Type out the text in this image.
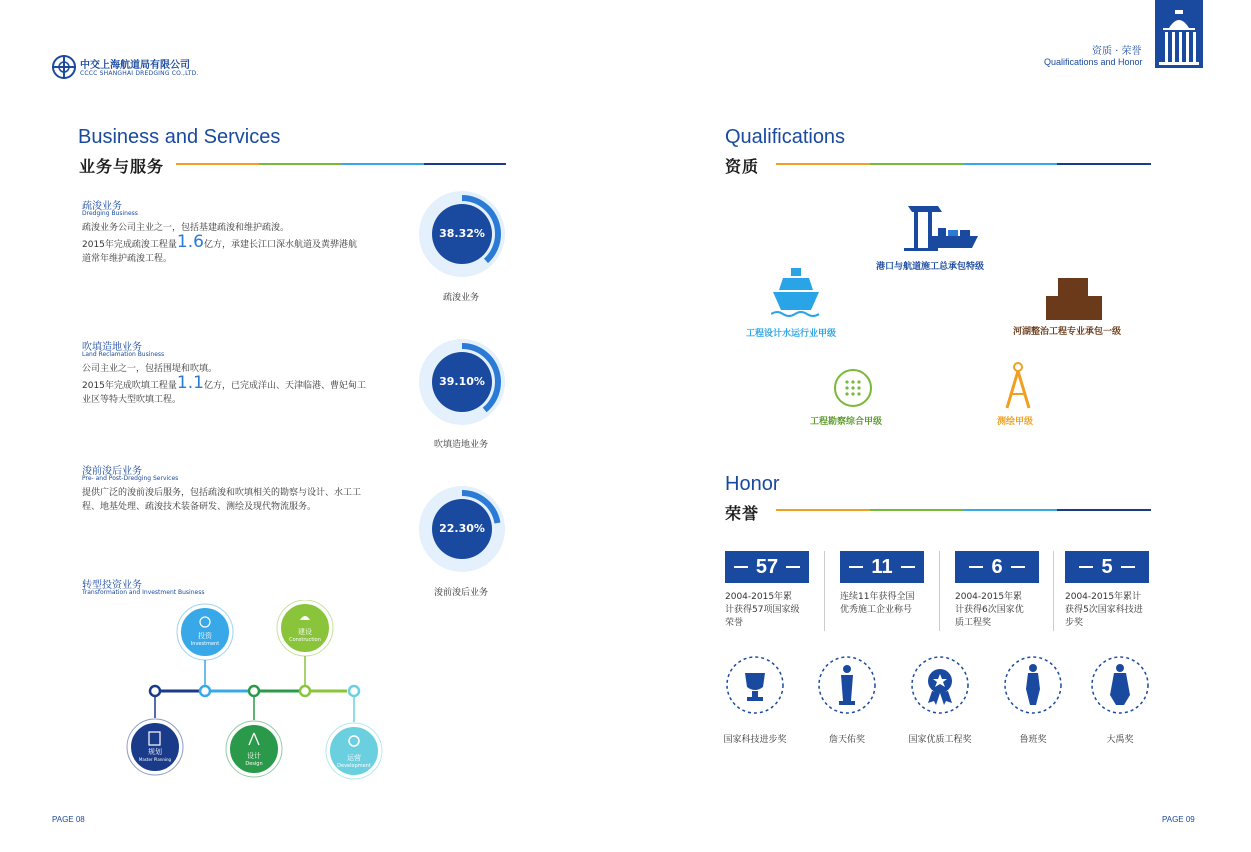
中交上海航道局有限公司
CCCC SHANGHAI DREDGING CO.,LTD.
Business and Services
业务与服务
疏浚业务
Dredging Business
疏浚业务公司主业之一，包括基建疏浚和维护疏浚。
2015年完成疏浚工程量1.6亿方，承建长江口深水航道及黄骅港航
道常年维护疏浚工程。
吹填造地业务
Land Reclamation Business
公司主业之一，包括围堤和吹填。
2015年完成吹填工程量1.1亿方，已完成洋山、天津临港、曹妃甸工
业区等特大型吹填工程。
浚前浚后业务
Pre- and Post-Dredging Services
提供广泛的浚前浚后服务，包括疏浚和吹填相关的勘察与设计、水工工
程、地基处理、疏浚技术装备研发、测绘及现代物流服务。
38.32%
疏浚业务
39.10%
吹填造地业务
22.30%
浚前浚后业务
转型投资业务
Transformation and Investment Business
投资
Investment
建设
Construction
规划
Master Planning	设计
Design
运营
Development
PAGE 08
资质 · 荣誉
Qualifications and Honor
Qualifications
资质
港口与航道施工总承包特级
工程设计水运行业甲级	河湖整治工程专业承包一级
工程勘察综合甲级	测绘甲级
Honor
荣誉
57
2004-2015年累
计获得57项国家级
荣誉
11
连续11年获得全国
优秀施工企业称号
6
2004-2015年累
计获得6次国家优
质工程奖
5
2004-2015年累计
获得5次国家科技进
步奖
国家科技进步奖	詹天佑奖	国家优质工程奖	鲁班奖	大禹奖
PAGE 09
